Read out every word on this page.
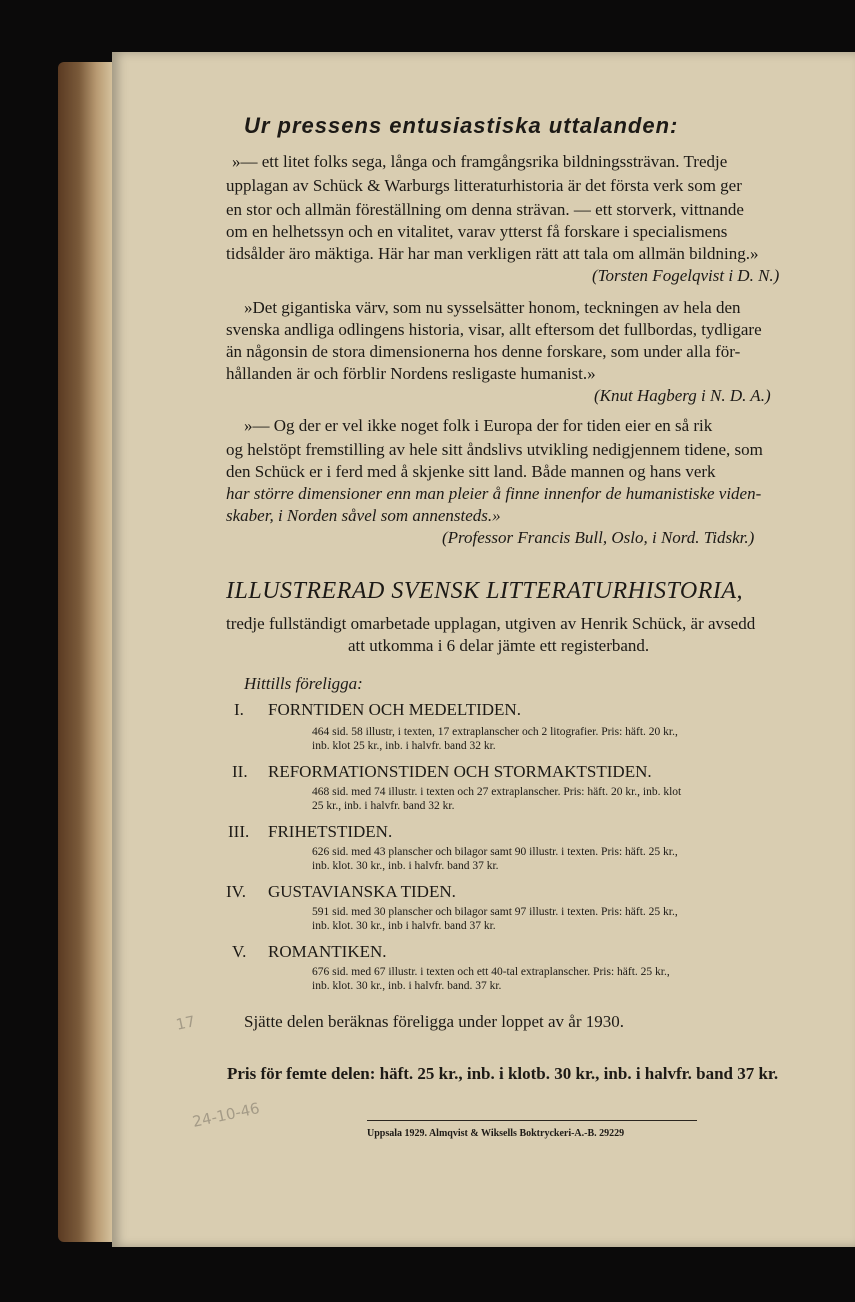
Ur pressens entusiastiska uttalanden:
»— ett litet folks sega, långa och framgångsrika bildningssträvan. Tredje
upplagan av Schück & Warburgs litteraturhistoria är det första verk som ger
en stor och allmän föreställning om denna strävan. — ett storverk, vittnande
om en helhetssyn och en vitalitet, varav ytterst få forskare i specialismens
tidsålder äro mäktiga. Här har man verkligen rätt att tala om allmän bildning.»
(Torsten Fogelqvist i D. N.)
»Det gigantiska värv, som nu sysselsätter honom, teckningen av hela den
svenska andliga odlingens historia, visar, allt eftersom det fullbordas, tydligare
än någonsin de stora dimensionerna hos denne forskare, som under alla för-
hållanden är och förblir Nordens resligaste humanist.»
(Knut Hagberg i N. D. A.)
»— Og der er vel ikke noget folk i Europa der for tiden eier en så rik
og helstöpt fremstilling av hele sitt åndslivs utvikling nedigjennem tidene, som
den Schück er i ferd med å skjenke sitt land. Både mannen og hans verk
har större dimensioner enn man pleier å finne innenfor de humanistiske viden-
skaber, i Norden såvel som annensteds.»
(Professor Francis Bull, Oslo, i Nord. Tidskr.)
ILLUSTRERAD SVENSK LITTERATURHISTORIA,
tredje fullständigt omarbetade upplagan, utgiven av Henrik Schück, är avsedd
att utkomma i 6 delar jämte ett registerband.
Hittills föreligga:
I. FORNTIDEN OCH MEDELTIDEN.
464 sid. 58 illustr, i texten, 17 extraplanscher och 2 litografier. Pris: häft. 20 kr.,
inb. klot 25 kr., inb. i halvfr. band 32 kr.
II. REFORMATIONSTIDEN OCH STORMAKTSTIDEN.
468 sid. med 74 illustr. i texten och 27 extraplanscher. Pris: häft. 20 kr., inb. klot
25 kr., inb. i halvfr. band 32 kr.
III. FRIHETSTIDEN.
626 sid. med 43 planscher och bilagor samt 90 illustr. i texten. Pris: häft. 25 kr.,
inb. klot. 30 kr., inb. i halvfr. band 37 kr.
IV. GUSTAVIANSKA TIDEN.
591 sid. med 30 planscher och bilagor samt 97 illustr. i texten. Pris: häft. 25 kr.,
inb. klot. 30 kr., inb i halvfr. band 37 kr.
V. ROMANTIKEN.
676 sid. med 67 illustr. i texten och ett 40-tal extraplanscher. Pris: häft. 25 kr.,
inb. klot. 30 kr., inb. i halvfr. band. 37 kr.
Sjätte delen beräknas föreligga under loppet av år 1930.
Pris för femte delen: häft. 25 kr., inb. i klotb. 30 kr., inb. i halvfr. band 37 kr.
Uppsala 1929. Almqvist & Wiksells Boktryckeri-A.-B. 29229
17
24-10-46
